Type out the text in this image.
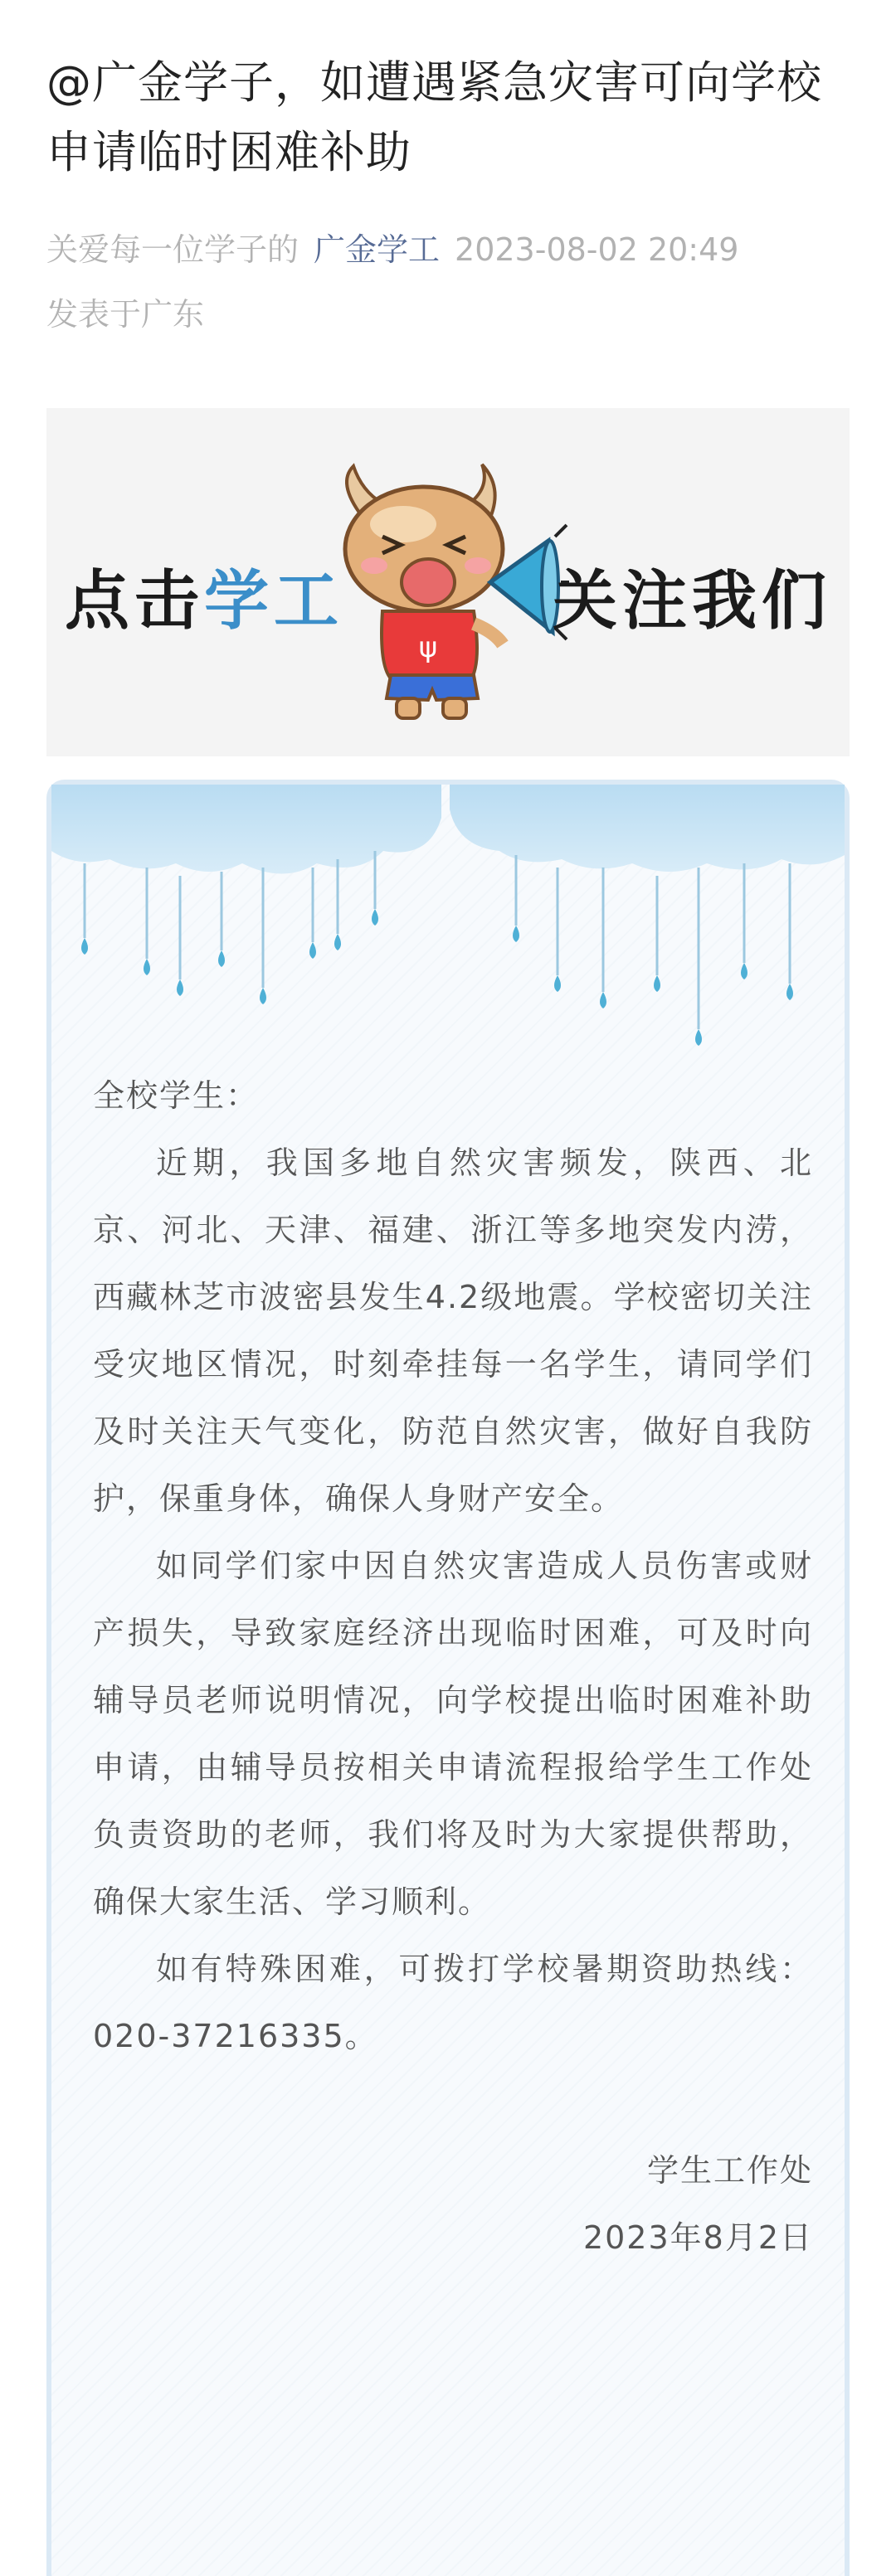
@广金学子，如遭遇紧急灾害可向学校申请临时困难补助
关爱每一位学子的 广金学工 2023-08-02 20:49
发表于广东
点击学工
ψ
关注我们

全校学生：

近期，我国多地自然灾害频发，陕西、北京、河北、天津、福建、浙江等多地突发内涝，西藏林芝市波密县发生4.2级地震。学校密切关注受灾地区情况，时刻牵挂每一名学生，请同学们及时关注天气变化，防范自然灾害，做好自我防护，保重身体，确保人身财产安全。

如同学们家中因自然灾害造成人员伤害或财产损失，导致家庭经济出现临时困难，可及时向辅导员老师说明情况，向学校提出临时困难补助申请，由辅导员按相关申请流程报给学生工作处负责资助的老师，我们将及时为大家提供帮助，确保大家生活、学习顺利。

如有特殊困难，可拨打学校暑期资助热线：020-37216335。

学生工作处

2023年8月2日
